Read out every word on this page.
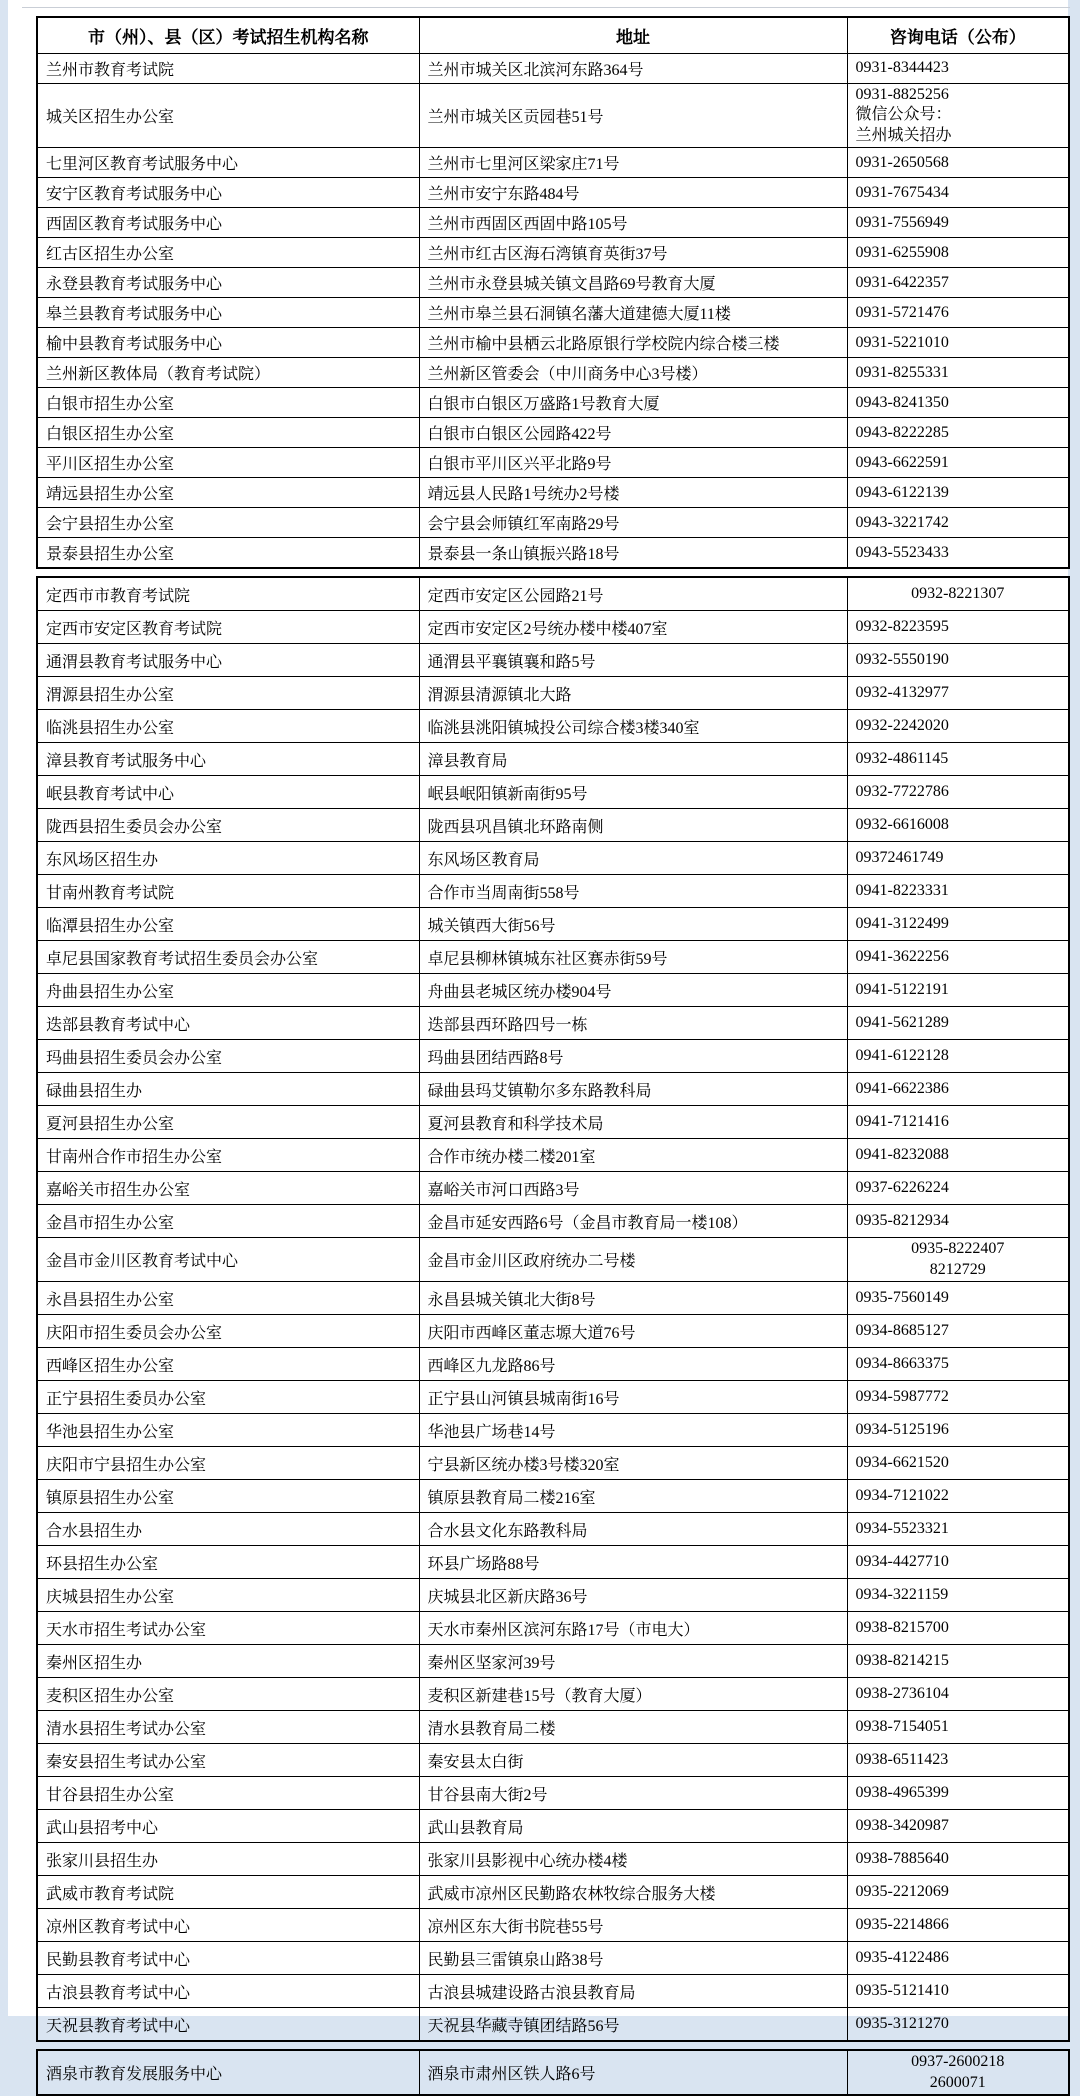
市（州）、县（区）考试招生机构名称	地址	咨询电话（公布）
兰州市教育考试院	兰州市城关区北滨河东路364号	0931-8344423

城关区招生办公室	兰州市城关区贡园巷51号	0931-8825256
微信公众号：
兰州城关招办

七里河区教育考试服务中心	兰州市七里河区梁家庄71号	0931-2650568

安宁区教育考试服务中心	兰州市安宁东路484号	0931-7675434

西固区教育考试服务中心	兰州市西固区西固中路105号	0931-7556949

红古区招生办公室	兰州市红古区海石湾镇育英街37号	0931-6255908

永登县教育考试服务中心	兰州市永登县城关镇文昌路69号教育大厦	0931-6422357

皋兰县教育考试服务中心	兰州市皋兰县石洞镇名藩大道建德大厦11楼	0931-5721476

榆中县教育考试服务中心	兰州市榆中县栖云北路原银行学校院内综合楼三楼	0931-5221010

兰州新区教体局（教育考试院）	兰州新区管委会（中川商务中心3号楼）	0931-8255331

白银市招生办公室	白银市白银区万盛路1号教育大厦	0943-8241350

白银区招生办公室	白银市白银区公园路422号	0943-8222285

平川区招生办公室	白银市平川区兴平北路9号	0943-6622591

靖远县招生办公室	靖远县人民路1号统办2号楼	0943-6122139

会宁县招生办公室	会宁县会师镇红军南路29号	0943-3221742

景泰县招生办公室	景泰县一条山镇振兴路18号	0943-5523433
定西市市教育考试院	定西市安定区公园路21号	0932-8221307

定西市安定区教育考试院	定西市安定区2号统办楼中楼407室	0932-8223595

通渭县教育考试服务中心	通渭县平襄镇襄和路5号	0932-5550190

渭源县招生办公室	渭源县清源镇北大路	0932-4132977

临洮县招生办公室	临洮县洮阳镇城投公司综合楼3楼340室	0932-2242020

漳县教育考试服务中心	漳县教育局	0932-4861145

岷县教育考试中心	岷县岷阳镇新南街95号	0932-7722786

陇西县招生委员会办公室	陇西县巩昌镇北环路南侧	0932-6616008

东风场区招生办	东风场区教育局	09372461749

甘南州教育考试院	合作市当周南街558号	0941-8223331

临潭县招生办公室	城关镇西大街56号	0941-3122499

卓尼县国家教育考试招生委员会办公室	卓尼县柳林镇城东社区赛赤街59号	0941-3622256

舟曲县招生办公室	舟曲县老城区统办楼904号	0941-5122191

迭部县教育考试中心	迭部县西环路四号一栋	0941-5621289

玛曲县招生委员会办公室	玛曲县团结西路8号	0941-6122128

碌曲县招生办	碌曲县玛艾镇勒尔多东路教科局	0941-6622386

夏河县招生办公室	夏河县教育和科学技术局	0941-7121416

甘南州合作市招生办公室	合作市统办楼二楼201室	0941-8232088

嘉峪关市招生办公室	嘉峪关市河口西路3号	0937-6226224

金昌市招生办公室	金昌市延安西路6号（金昌市教育局一楼108）	0935-8212934

金昌市金川区教育考试中心	金昌市金川区政府统办二号楼	0935-8222407
8212729

永昌县招生办公室	永昌县城关镇北大街8号	0935-7560149

庆阳市招生委员会办公室	庆阳市西峰区董志塬大道76号	0934-8685127

西峰区招生办公室	西峰区九龙路86号	0934-8663375

正宁县招生委员办公室	正宁县山河镇县城南街16号	0934-5987772

华池县招生办公室	华池县广场巷14号	0934-5125196

庆阳市宁县招生办公室	宁县新区统办楼3号楼320室	0934-6621520

镇原县招生办公室	镇原县教育局二楼216室	0934-7121022

合水县招生办	合水县文化东路教科局	0934-5523321

环县招生办公室	环县广场路88号	0934-4427710

庆城县招生办公室	庆城县北区新庆路36号	0934-3221159

天水市招生考试办公室	天水市秦州区滨河东路17号（市电大）	0938-8215700

秦州区招生办	秦州区坚家河39号	0938-8214215

麦积区招生办公室	麦积区新建巷15号（教育大厦）	0938-2736104

清水县招生考试办公室	清水县教育局二楼	0938-7154051

秦安县招生考试办公室	秦安县太白街	0938-6511423

甘谷县招生办公室	甘谷县南大街2号	0938-4965399

武山县招考中心	武山县教育局	0938-3420987

张家川县招生办	张家川县影视中心统办楼4楼	0938-7885640

武威市教育考试院	武威市凉州区民勤路农林牧综合服务大楼	0935-2212069

凉州区教育考试中心	凉州区东大街书院巷55号	0935-2214866

民勤县教育考试中心	民勤县三雷镇泉山路38号	0935-4122486

古浪县教育考试中心	古浪县城建设路古浪县教育局	0935-5121410

天祝县教育考试中心	天祝县华藏寺镇团结路56号	0935-3121270
酒泉市教育发展服务中心	酒泉市肃州区铁人路6号	
0937-2600218
2600071
